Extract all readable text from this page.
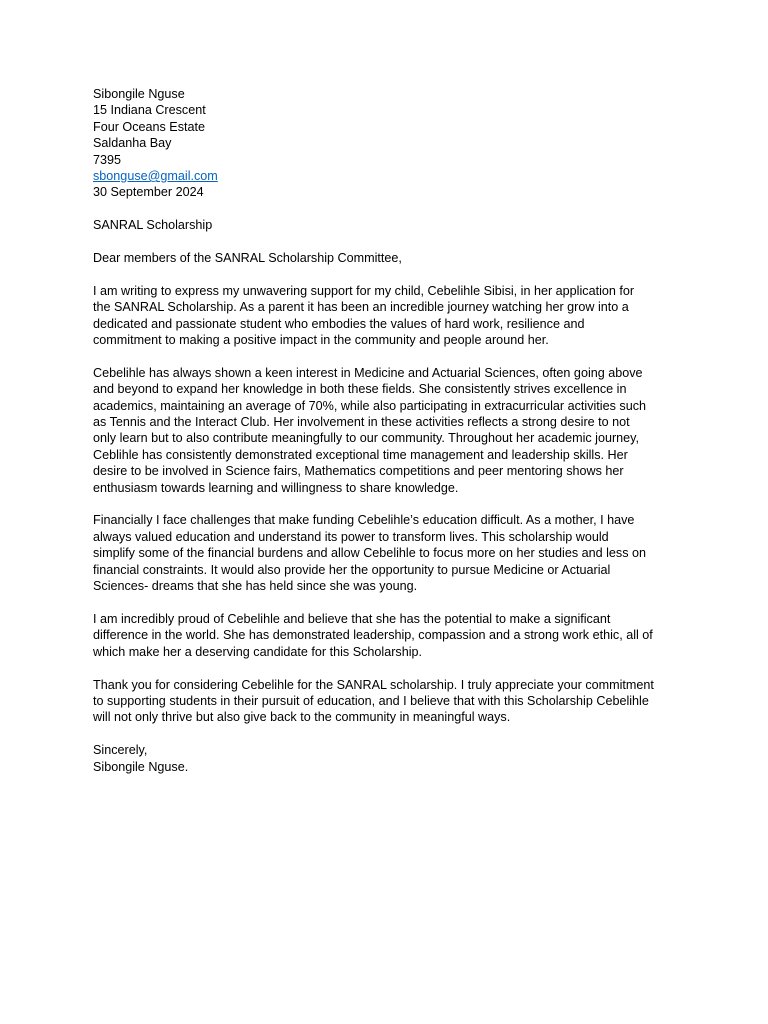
Sibongile Nguse
15 Indiana Crescent
Four Oceans Estate
Saldanha Bay
7395
sbonguse@gmail.com
30 September 2024
SANRAL Scholarship
Dear members of the SANRAL Scholarship Committee,
I am writing to express my unwavering support for my child, Cebelihle Sibisi, in her application for
the SANRAL Scholarship. As a parent it has been an incredible journey watching her grow into a
dedicated and passionate student who embodies the values of hard work, resilience and
commitment to making a positive impact in the community and people around her.
Cebelihle has always shown a keen interest in Medicine and Actuarial Sciences, often going above
and beyond to expand her knowledge in both these fields. She consistently strives excellence in
academics, maintaining an average of 70%, while also participating in extracurricular activities such
as Tennis and the Interact Club. Her involvement in these activities reflects a strong desire to not
only learn but to also contribute meaningfully to our community. Throughout her academic journey,
Ceblihle has consistently demonstrated exceptional time management and leadership skills. Her
desire to be involved in Science fairs, Mathematics competitions and peer mentoring shows her
enthusiasm towards learning and willingness to share knowledge.
Financially I face challenges that make funding Cebelihle’s education difficult. As a mother, I have
always valued education and understand its power to transform lives. This scholarship would
simplify some of the financial burdens and allow Cebelihle to focus more on her studies and less on
financial constraints. It would also provide her the opportunity to pursue Medicine or Actuarial
Sciences- dreams that she has held since she was young.
I am incredibly proud of Cebelihle and believe that she has the potential to make a significant
difference in the world. She has demonstrated leadership, compassion and a strong work ethic, all of
which make her a deserving candidate for this Scholarship.
Thank you for considering Cebelihle for the SANRAL scholarship. I truly appreciate your commitment
to supporting students in their pursuit of education, and I believe that with this Scholarship Cebelihle
will not only thrive but also give back to the community in meaningful ways.
Sincerely,
Sibongile Nguse.
